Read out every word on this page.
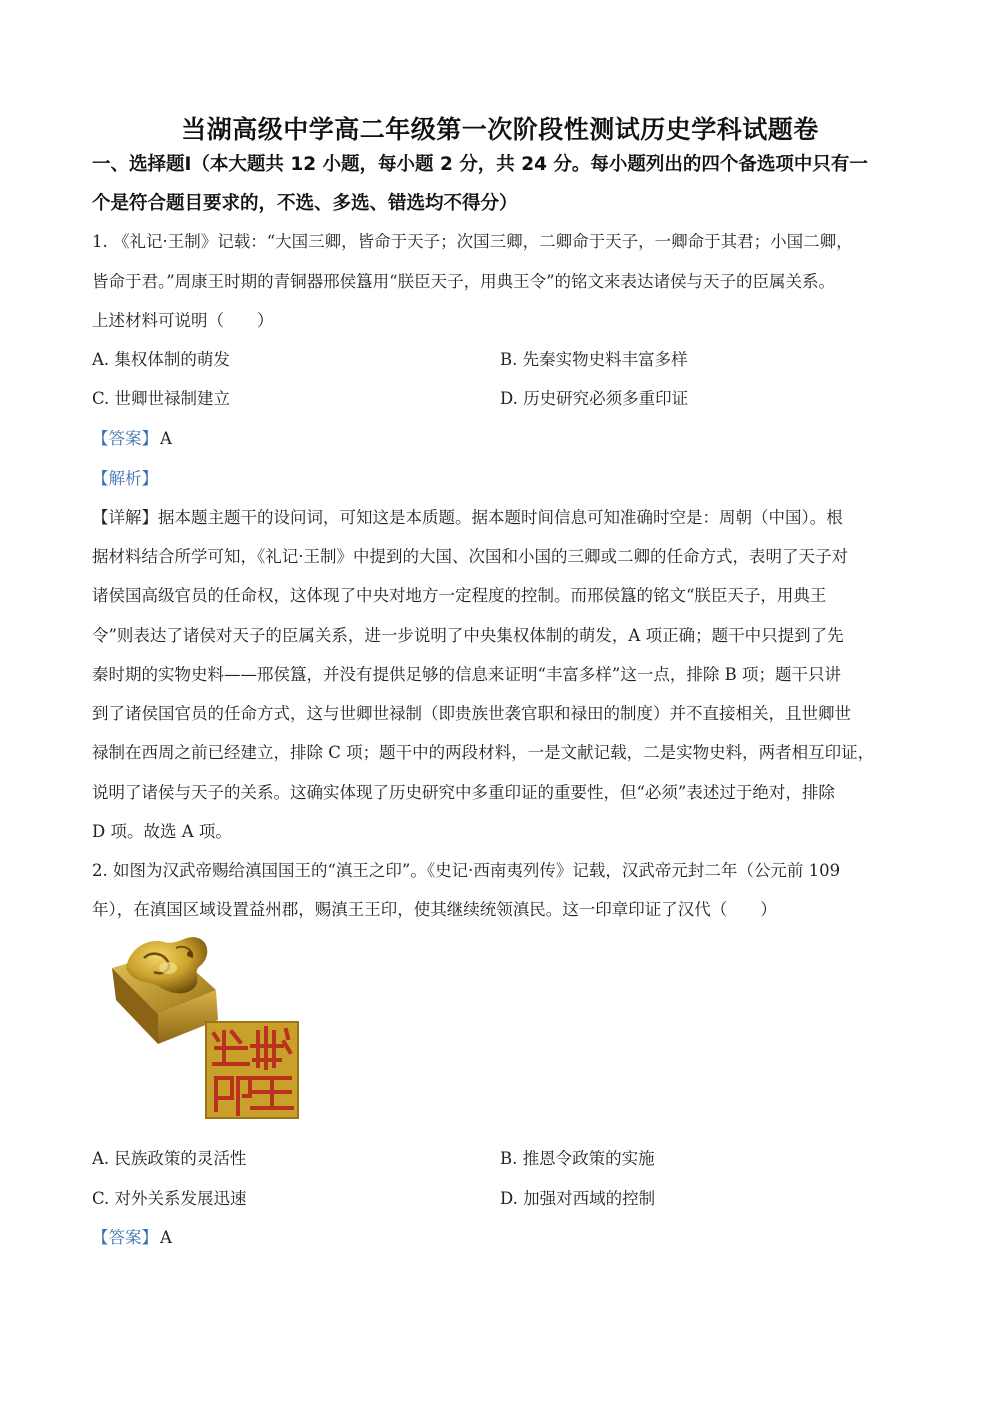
当湖高级中学高二年级第一次阶段性测试历史学科试题卷
一、选择题Ⅰ（本大题共 12 小题，每小题 2 分，共 24 分。每小题列出的四个备选项中只有一
个是符合题目要求的，不选、多选、错选均不得分）
1. 《礼记·王制》记载：“大国三卿，皆命于天子；次国三卿，二卿命于天子，一卿命于其君；小国二卿，
皆命于君。”周康王时期的青铜器邢侯簋用“朕臣天子，用典王令”的铭文来表达诸侯与天子的臣属关系。
上述材料可说明（　　）
A. 集权体制的萌发	B. 先秦实物史料丰富多样
C. 世卿世禄制建立	D. 历史研究必须多重印证
【答案】 A
【解析】
【详解】据本题主题干的设问词，可知这是本质题。据本题时间信息可知准确时空是：周朝（中国）。根
据材料结合所学可知，《礼记·王制》中提到的大国、次国和小国的三卿或二卿的任命方式，表明了天子对
诸侯国高级官员的任命权，这体现了中央对地方一定程度的控制。而邢侯簋的铭文“朕臣天子，用典王
令”则表达了诸侯对天子的臣属关系，进一步说明了中央集权体制的萌发，A 项正确；题干中只提到了先
秦时期的实物史料——邢侯簋，并没有提供足够的信息来证明“丰富多样”这一点，排除 B 项；题干只讲
到了诸侯国官员的任命方式，这与世卿世禄制（即贵族世袭官职和禄田的制度）并不直接相关，且世卿世
禄制在西周之前已经建立，排除 C 项；题干中的两段材料，一是文献记载，二是实物史料，两者相互印证，
说明了诸侯与天子的关系。这确实体现了历史研究中多重印证的重要性，但“必须”表述过于绝对，排除
D 项。故选 A 项。
2. 如图为汉武帝赐给滇国国王的“滇王之印”。《史记·西南夷列传》记载，汉武帝元封二年（公元前 109
年），在滇国区域设置益州郡，赐滇王王印，使其继续统领滇民。这一印章印证了汉代（　　）
A. 民族政策的灵活性	B. 推恩令政策的实施
C. 对外关系发展迅速	D. 加强对西域的控制
【答案】 A
